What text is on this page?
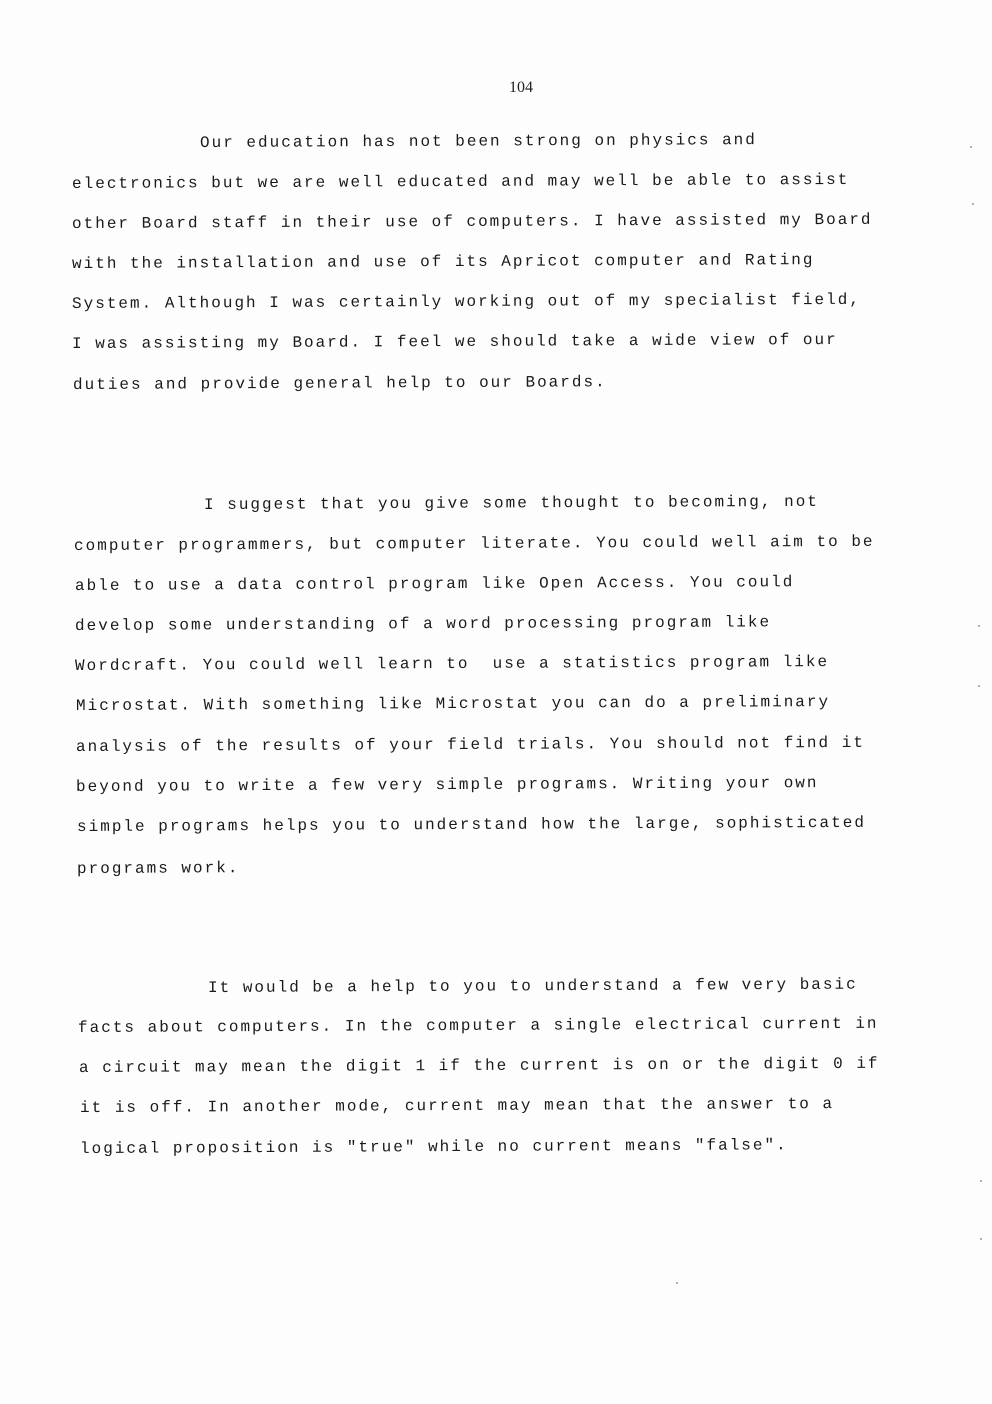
104
Our education has not been strong on physics and
electronics but we are well educated and may well be able to assist
other Board staff in their use of computers. I have assisted my Board
with the installation and use of its Apricot computer and Rating
System. Although I was certainly working out of my specialist field,
I was assisting my Board. I feel we should take a wide view of our
duties and provide general help to our Boards.
I suggest that you give some thought to becoming, not
computer programmers, but computer literate. You could well aim to be
able to use a data control program like Open Access. You could
develop some understanding of a word processing program like
Wordcraft. You could well learn to  use a statistics program like
Microstat. With something like Microstat you can do a preliminary
analysis of the results of your field trials. You should not find it
beyond you to write a few very simple programs. Writing your own
simple programs helps you to understand how the large, sophisticated
programs work.
It would be a help to you to understand a few very basic
facts about computers. In the computer a single electrical current in
a circuit may mean the digit 1 if the current is on or the digit 0 if
it is off. In another mode, current may mean that the answer to a
logical proposition is "true" while no current means "false".
